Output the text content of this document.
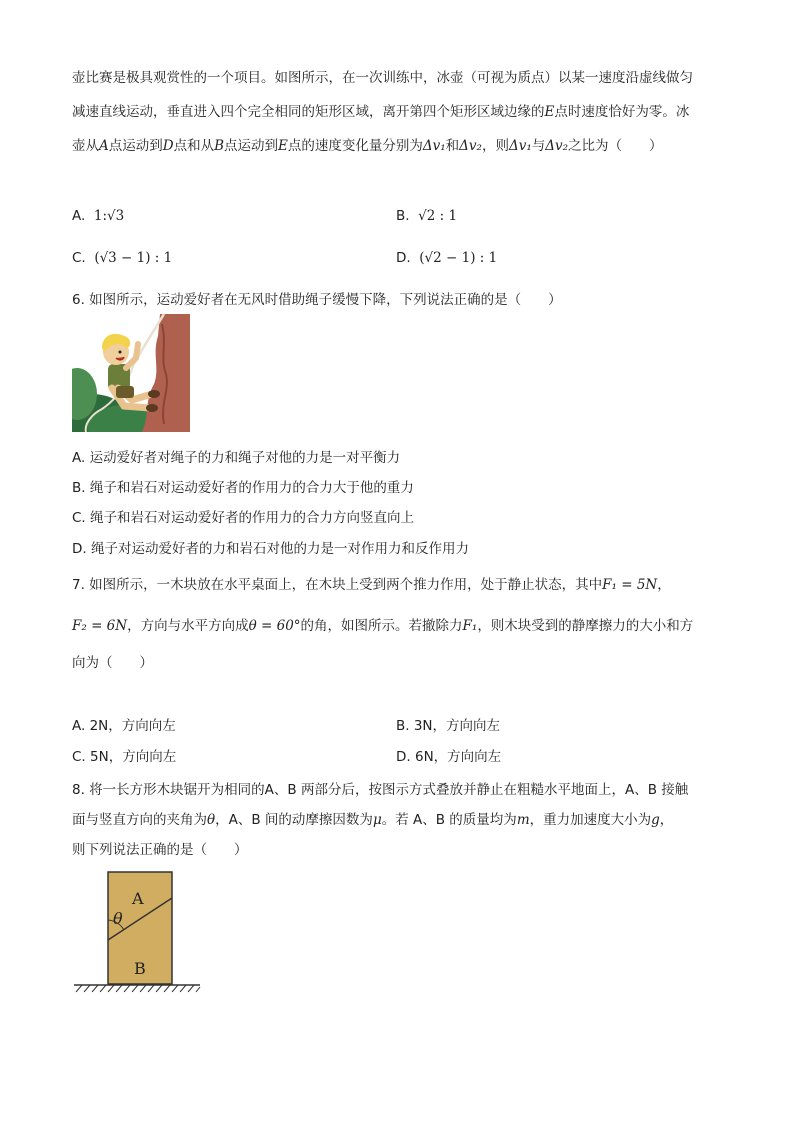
壶比赛是极具观赏性的一个项目。如图所示，在一次训练中，冰壶（可视为质点）以某一速度沿虚线做匀
减速直线运动，垂直进入四个完全相同的矩形区域，离开第四个矩形区域边缘的E点时速度恰好为零。冰
壶从A点运动到D点和从B点运动到E点的速度变化量分别为Δv₁和Δv₂，则Δv₁与Δv₂之比为（　　）
A. 1:√3	B. √2 : 1
C. (√3 − 1) : 1	D. (√2 − 1) : 1
6. 如图所示，运动爱好者在无风时借助绳子缓慢下降，下列说法正确的是（　　）
A. 运动爱好者对绳子的力和绳子对他的力是一对平衡力
B. 绳子和岩石对运动爱好者的作用力的合力大于他的重力
C. 绳子和岩石对运动爱好者的作用力的合力方向竖直向上
D. 绳子对运动爱好者的力和岩石对他的力是一对作用力和反作用力
7. 如图所示，一木块放在水平桌面上，在木块上受到两个推力作用，处于静止状态，其中F₁ = 5N，
F₂ = 6N，方向与水平方向成θ = 60°的角，如图所示。若撤除力F₁，则木块受到的静摩擦力的大小和方
向为（　　）
A. 2N，方向向左	B. 3N，方向向左
C. 5N，方向向左	D. 6N，方向向左
8. 将一长方形木块锯开为相同的A、B 两部分后，按图示方式叠放并静止在粗糙水平地面上，A、B 接触
面与竖直方向的夹角为θ，A、B 间的动摩擦因数为μ。若 A、B 的质量均为m，重力加速度大小为g，
则下列说法正确的是（　　）
A
θ
B
